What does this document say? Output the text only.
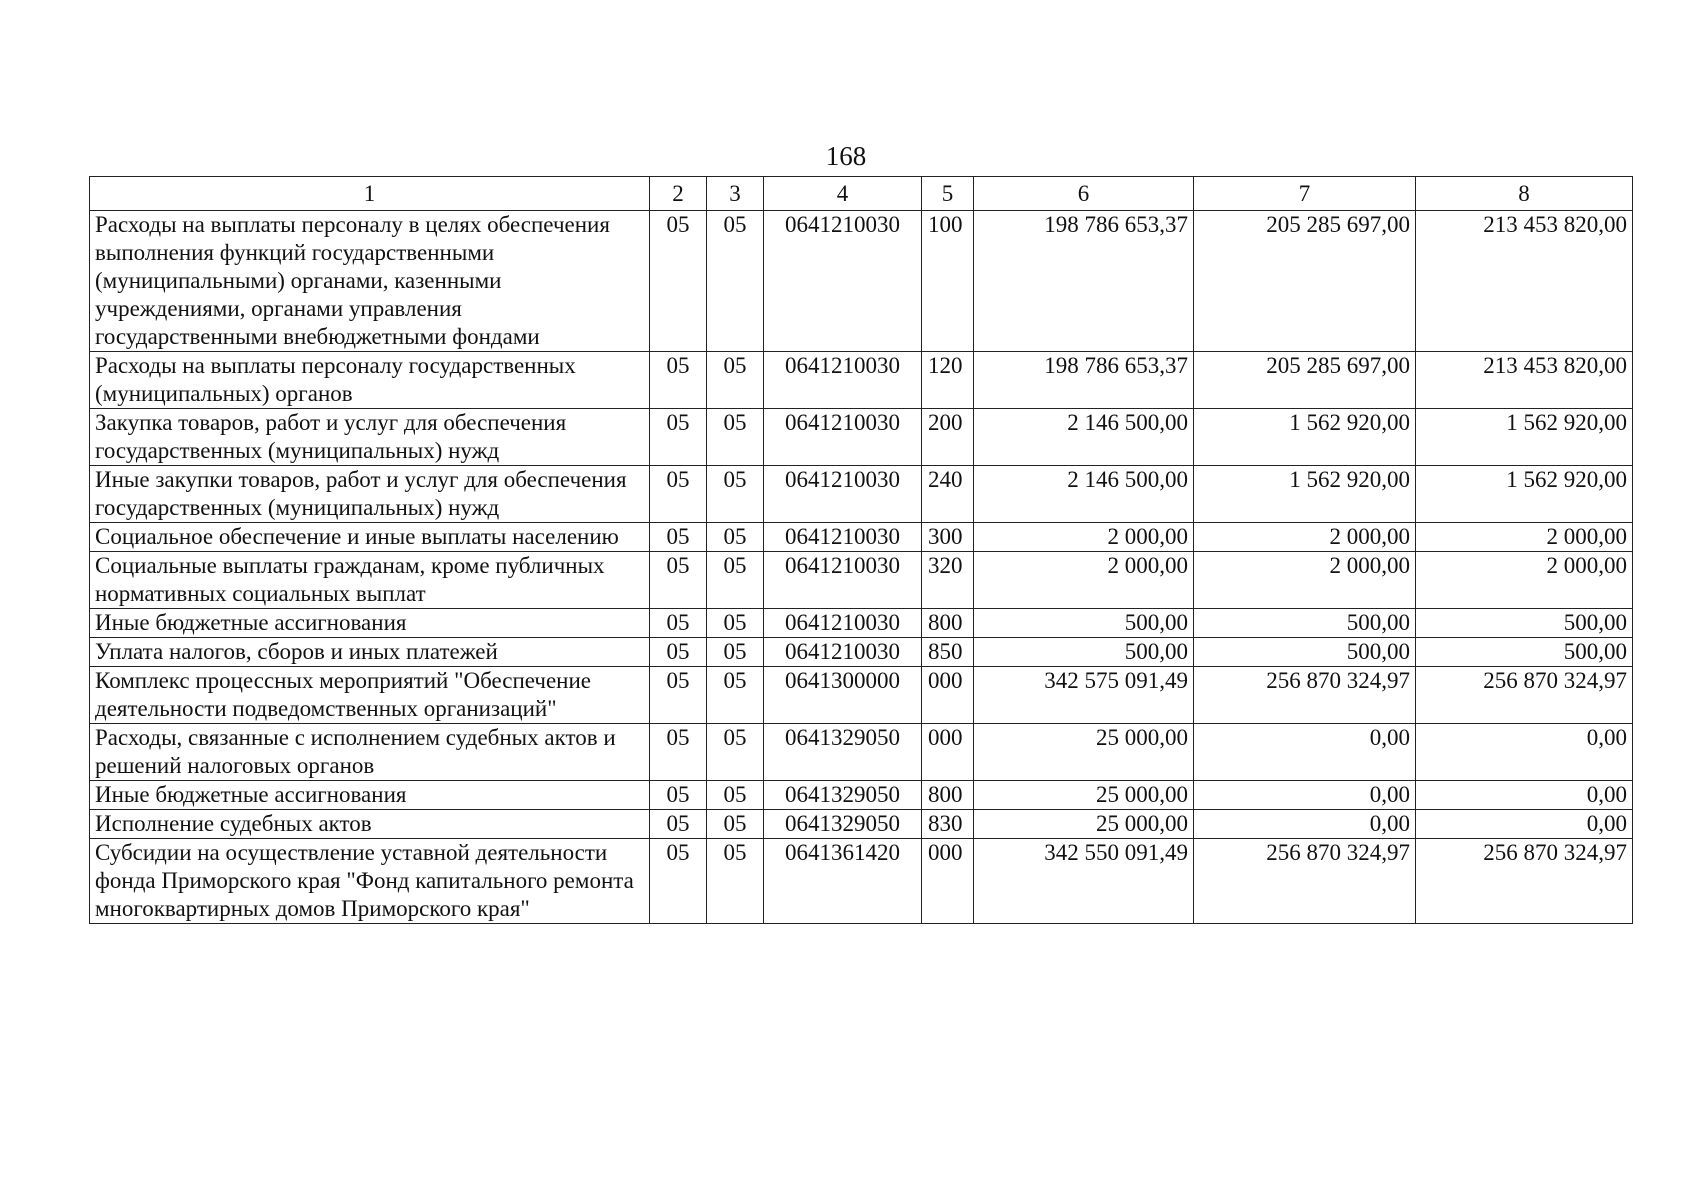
168
1	2	3	4	5	6	7	8
Расходы на выплаты персоналу в целях обеспечения выполнения функций государственными (муниципальными) органами, казенными учреждениями, органами управления государственными внебюджетными фондами	05	05	0641210030	100	198 786 653,37	205 285 697,00	213 453 820,00
Расходы на выплаты персоналу государственных (муниципальных) органов	05	05	0641210030	120	198 786 653,37	205 285 697,00	213 453 820,00
Закупка товаров, работ и услуг для обеспечения государственных (муниципальных) нужд	05	05	0641210030	200	2 146 500,00	1 562 920,00	1 562 920,00
Иные закупки товаров, работ и услуг для обеспечения государственных (муниципальных) нужд	05	05	0641210030	240	2 146 500,00	1 562 920,00	1 562 920,00
Социальное обеспечение и иные выплаты населению	05	05	0641210030	300	2 000,00	2 000,00	2 000,00
Социальные выплаты гражданам, кроме публичных нормативных социальных выплат	05	05	0641210030	320	2 000,00	2 000,00	2 000,00
Иные бюджетные ассигнования	05	05	0641210030	800	500,00	500,00	500,00
Уплата налогов, сборов и иных платежей	05	05	0641210030	850	500,00	500,00	500,00
Комплекс процессных мероприятий "Обеспечение деятельности подведомственных организаций"	05	05	0641300000	000	342 575 091,49	256 870 324,97	256 870 324,97
Расходы, связанные с исполнением судебных актов и решений налоговых органов	05	05	0641329050	000	25 000,00	0,00	0,00
Иные бюджетные ассигнования	05	05	0641329050	800	25 000,00	0,00	0,00
Исполнение судебных актов	05	05	0641329050	830	25 000,00	0,00	0,00
Субсидии на осуществление уставной деятельности фонда Приморского края "Фонд капитального ремонта многоквартирных домов Приморского края"	05	05	0641361420	000	342 550 091,49	256 870 324,97	256 870 324,97
